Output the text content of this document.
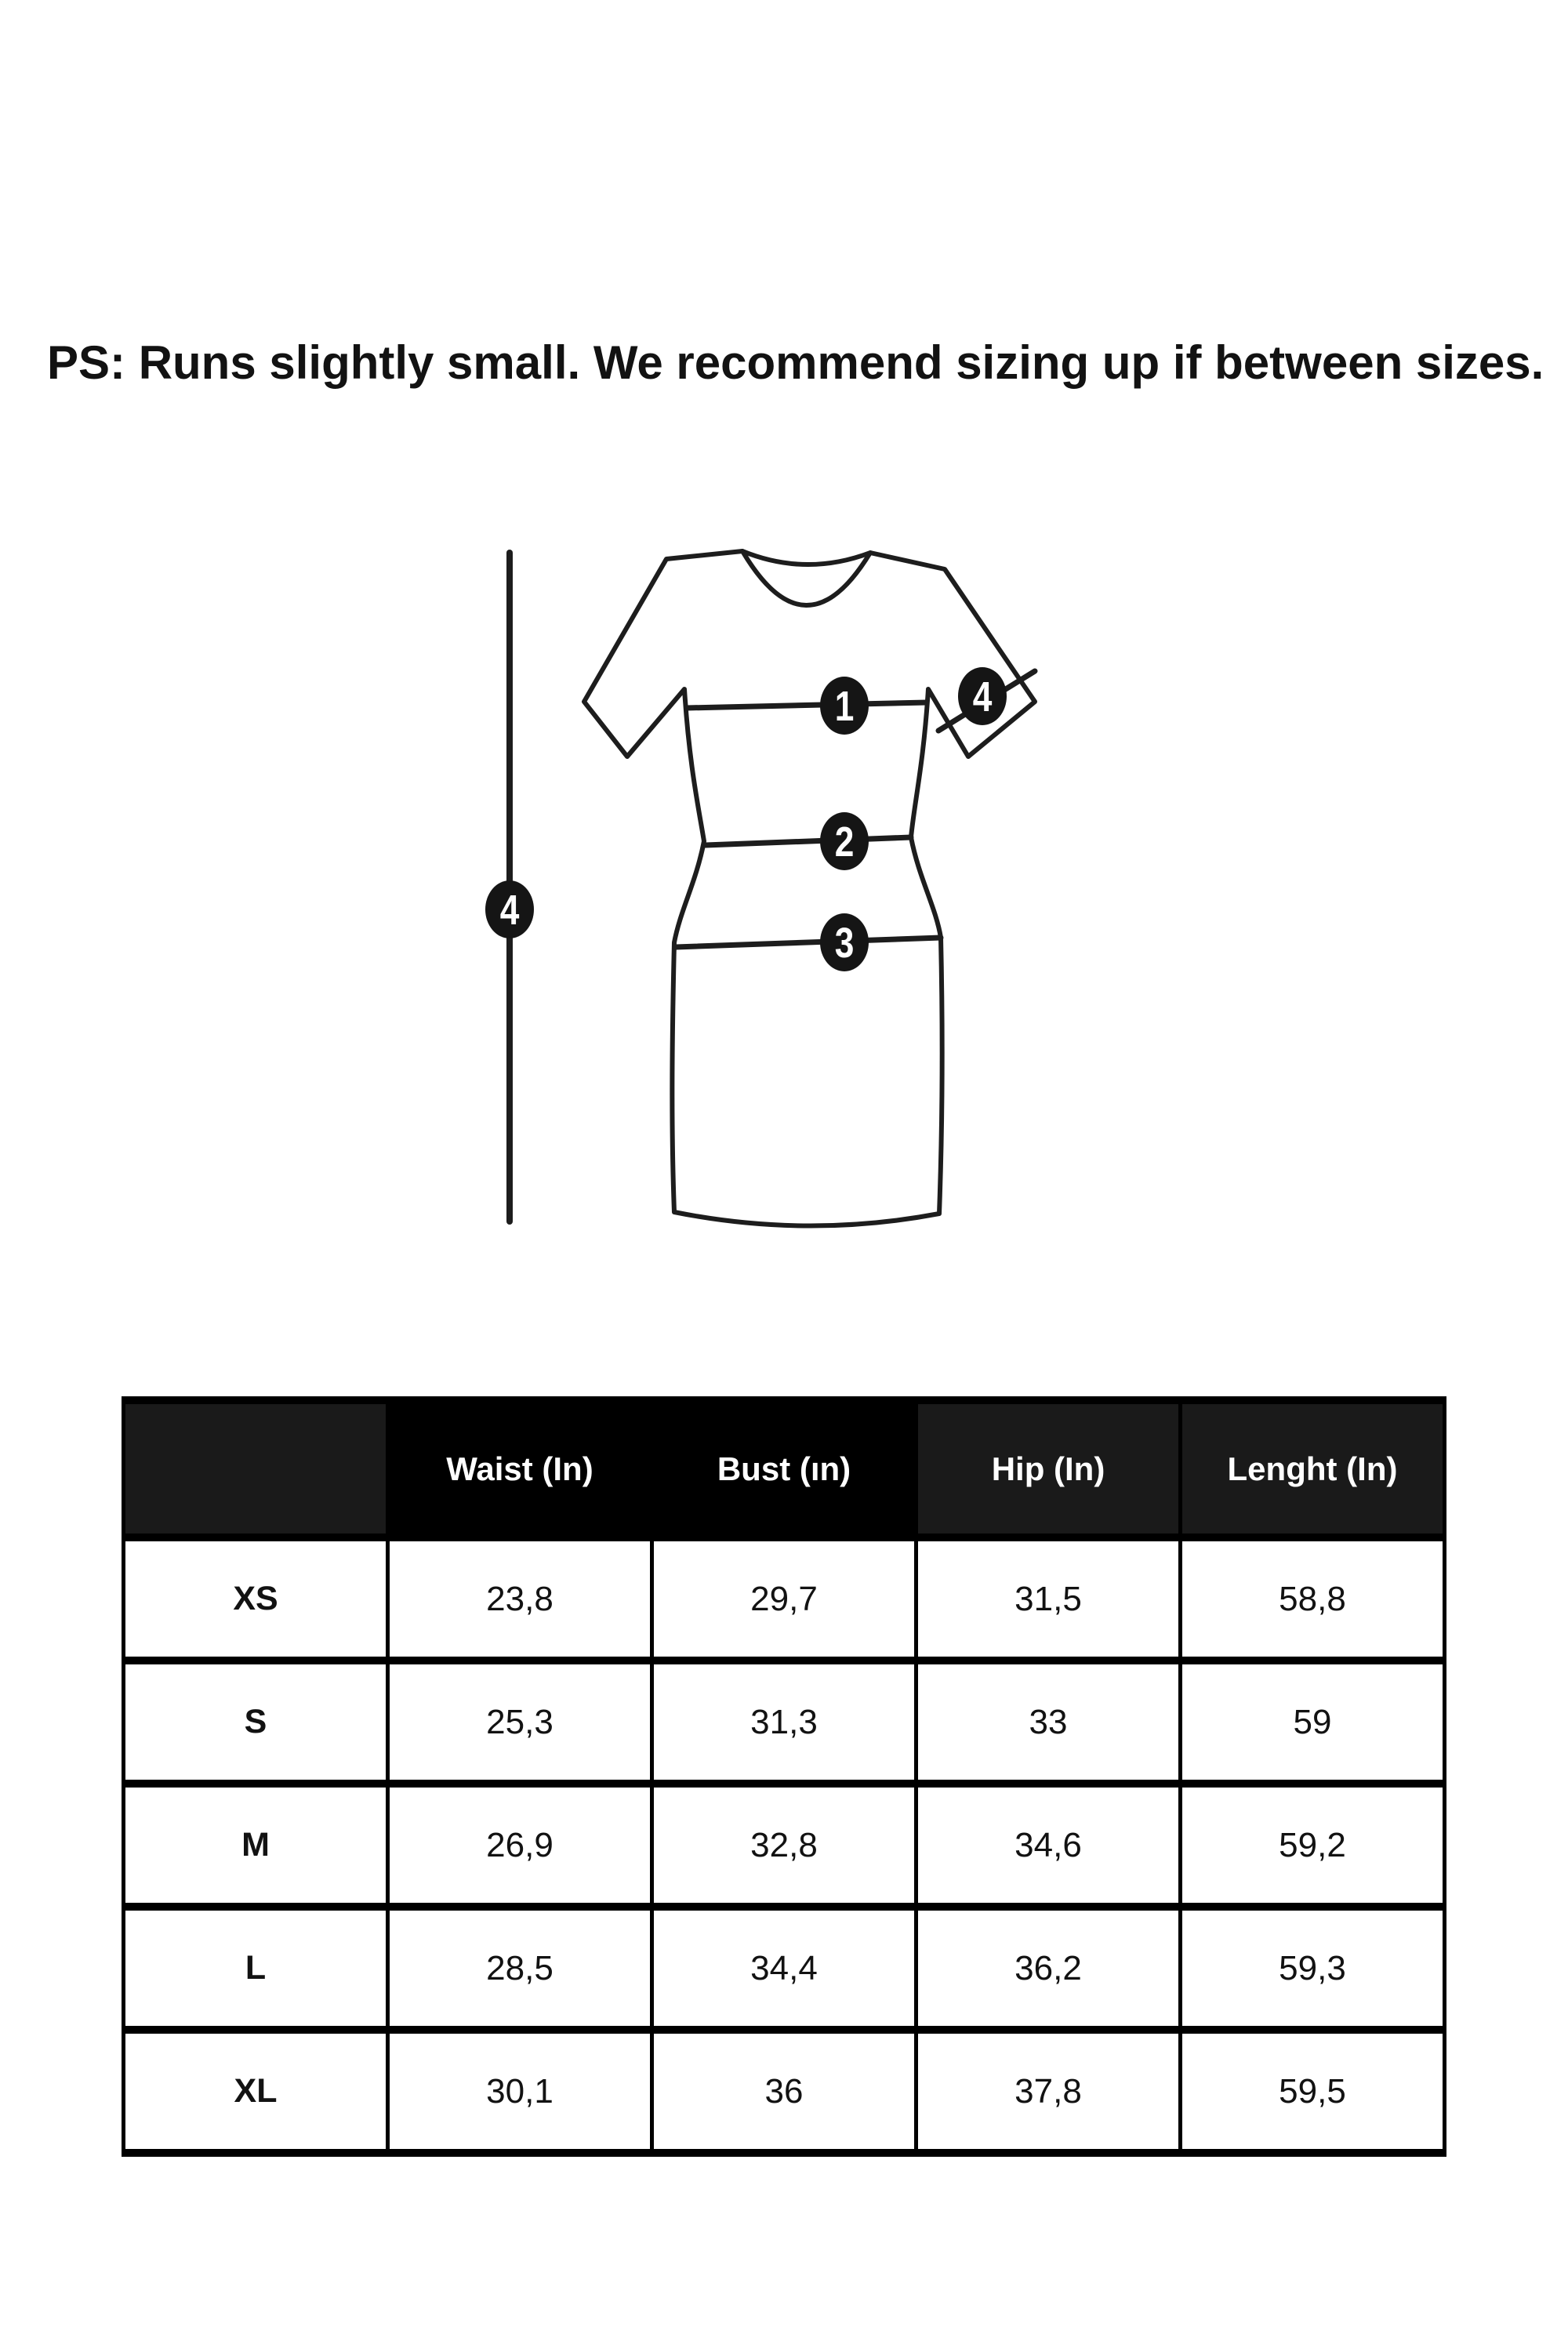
PS: Runs slightly small. We recommend sizing up if between sizes.
1
2
3
4
4
	Waist (In)	Bust (ın)	Hip (In)	Lenght (In)
XS	23,8	29,7	31,5	58,8
S	25,3	31,3	33	59
M	26,9	32,8	34,6	59,2
L	28,5	34,4	36,2	59,3
XL	30,1	36	37,8	59,5
